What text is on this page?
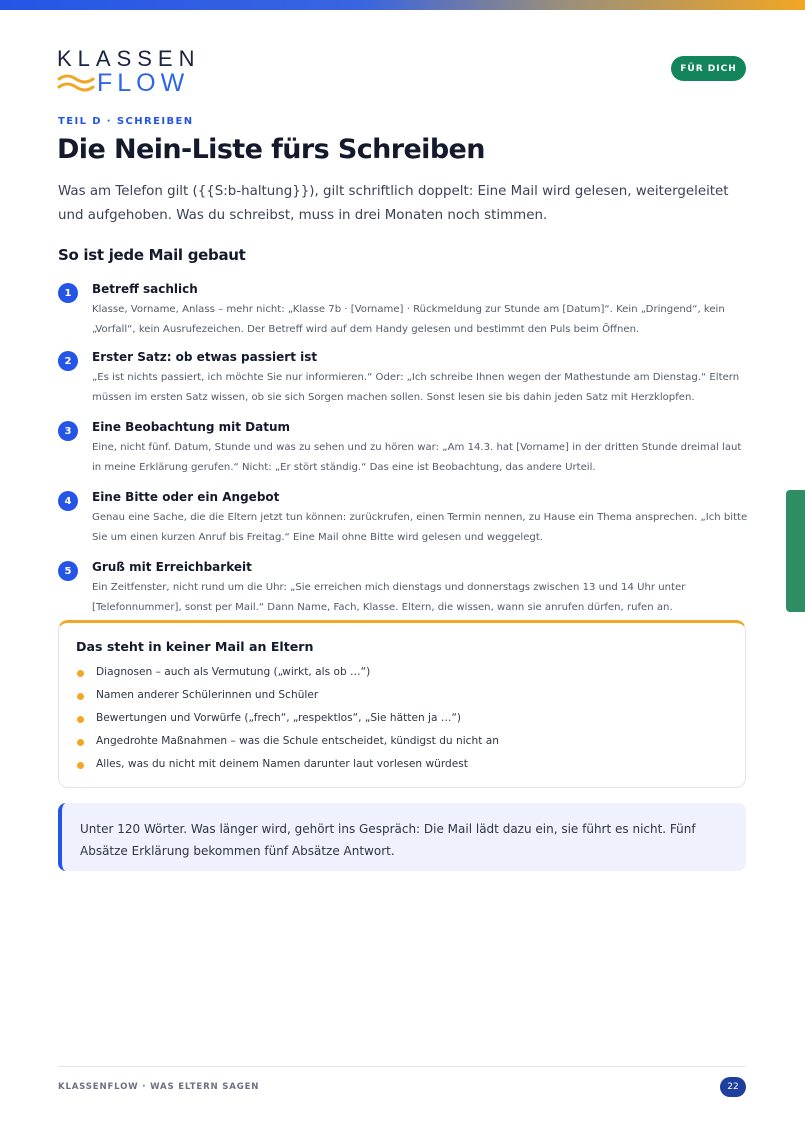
KLASSEN
FLOW
FÜR DICH
TEIL D · SCHREIBEN
Die Nein-Liste fürs Schreiben
Was am Telefon gilt ({{S:b-haltung}}), gilt schriftlich doppelt: Eine Mail wird gelesen, weitergeleitet und aufgehoben. Was du schreibst, muss in drei Monaten noch stimmen.
So ist jede Mail gebaut
1	Betreff sachlich
Klasse, Vorname, Anlass – mehr nicht: „Klasse 7b · [Vorname] · Rückmeldung zur Stunde am [Datum]“. Kein „Dringend“, kein „Vorfall“, kein Ausrufezeichen. Der Betreff wird auf dem Handy gelesen und bestimmt den Puls beim Öffnen.
2	Erster Satz: ob etwas passiert ist
„Es ist nichts passiert, ich möchte Sie nur informieren.“ Oder: „Ich schreibe Ihnen wegen der Mathestunde am Dienstag.“ Eltern müssen im ersten Satz wissen, ob sie sich Sorgen machen sollen. Sonst lesen sie bis dahin jeden Satz mit Herzklopfen.
3	Eine Beobachtung mit Datum
Eine, nicht fünf. Datum, Stunde und was zu sehen und zu hören war: „Am 14.3. hat [Vorname] in der dritten Stunde dreimal laut in meine Erklärung gerufen.“ Nicht: „Er stört ständig.“ Das eine ist Beobachtung, das andere Urteil.
4	Eine Bitte oder ein Angebot
Genau eine Sache, die die Eltern jetzt tun können: zurückrufen, einen Termin nennen, zu Hause ein Thema ansprechen. „Ich bitte Sie um einen kurzen Anruf bis Freitag.“ Eine Mail ohne Bitte wird gelesen und weggelegt.
5	Gruß mit Erreichbarkeit
Ein Zeitfenster, nicht rund um die Uhr: „Sie erreichen mich dienstags und donnerstags zwischen 13 und 14 Uhr unter [Telefonnummer], sonst per Mail.“ Dann Name, Fach, Klasse. Eltern, die wissen, wann sie anrufen dürfen, rufen an.
Das steht in keiner Mail an Eltern
Diagnosen – auch als Vermutung („wirkt, als ob …“)
Namen anderer Schülerinnen und Schüler
Bewertungen und Vorwürfe („frech“, „respektlos“, „Sie hätten ja …“)
Angedrohte Maßnahmen – was die Schule entscheidet, kündigst du nicht an
Alles, was du nicht mit deinem Namen darunter laut vorlesen würdest
Unter 120 Wörter. Was länger wird, gehört ins Gespräch: Die Mail lädt dazu ein, sie führt es nicht. Fünf Absätze Erklärung bekommen fünf Absätze Antwort.
KLASSENFLOW · WAS ELTERN SAGEN	22
